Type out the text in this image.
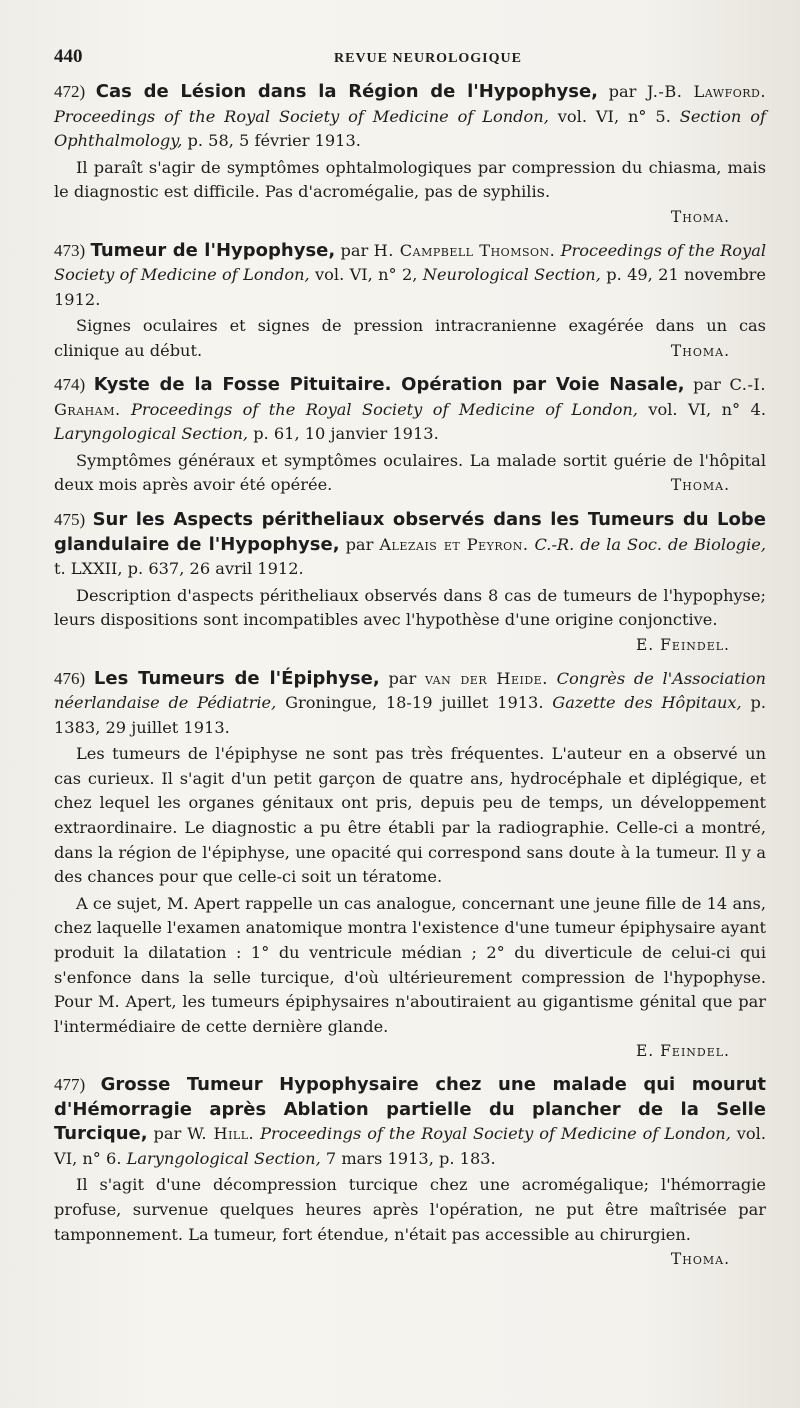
440	REVUE NEUROLOGIQUE
472) Cas de Lésion dans la Région de l'Hypophyse, par J.-B. Lawford. Proceedings of the Royal Society of Medicine of London, vol. VI, n° 5. Section of Ophthalmology, p. 58, 5 février 1913.
Il paraît s'agir de symptômes ophtalmologiques par compression du chiasma, mais le diagnostic est difficile. Pas d'acromégalie, pas de syphilis.
Thoma.
473) Tumeur de l'Hypophyse, par H. Campbell Thomson. Proceedings of the Royal Society of Medicine of London, vol. VI, n° 2, Neurological Section, p. 49, 21 novembre 1912.
Signes oculaires et signes de pression intracranienne exagérée dans un cas clinique au début.	Thoma.
474) Kyste de la Fosse Pituitaire. Opération par Voie Nasale, par C.-I. Graham. Proceedings of the Royal Society of Medicine of London, vol. VI, n° 4. Laryngological Section, p. 61, 10 janvier 1913.
Symptômes généraux et symptômes oculaires. La malade sortit guérie de l'hôpital deux mois après avoir été opérée.	Thoma.
475) Sur les Aspects péritheliaux observés dans les Tumeurs du Lobe glandulaire de l'Hypophyse, par Alezais et Peyron. C.-R. de la Soc. de Biologie, t. LXXII, p. 637, 26 avril 1912.
Description d'aspects péritheliaux observés dans 8 cas de tumeurs de l'hypophyse; leurs dispositions sont incompatibles avec l'hypothèse d'une origine conjonctive.
E. Feindel.
476) Les Tumeurs de l'Épiphyse, par van der Heide. Congrès de l'Association néerlandaise de Pédiatrie, Groningue, 18-19 juillet 1913. Gazette des Hôpitaux, p. 1383, 29 juillet 1913.
Les tumeurs de l'épiphyse ne sont pas très fréquentes. L'auteur en a observé un cas curieux. Il s'agit d'un petit garçon de quatre ans, hydrocéphale et diplégique, et chez lequel les organes génitaux ont pris, depuis peu de temps, un développement extraordinaire. Le diagnostic a pu être établi par la radiographie. Celle-ci a montré, dans la région de l'épiphyse, une opacité qui correspond sans doute à la tumeur. Il y a des chances pour que celle-ci soit un tératome.
A ce sujet, M. Apert rappelle un cas analogue, concernant une jeune fille de 14 ans, chez laquelle l'examen anatomique montra l'existence d'une tumeur épiphysaire ayant produit la dilatation : 1° du ventricule médian ; 2° du diverticule de celui-ci qui s'enfonce dans la selle turcique, d'où ultérieurement compression de l'hypophyse. Pour M. Apert, les tumeurs épiphysaires n'aboutiraient au gigantisme génital que par l'intermédiaire de cette dernière glande.
E. Feindel.
477) Grosse Tumeur Hypophysaire chez une malade qui mourut d'Hémorragie après Ablation partielle du plancher de la Selle Turcique, par W. Hill. Proceedings of the Royal Society of Medicine of London, vol. VI, n° 6. Laryngological Section, 7 mars 1913, p. 183.
Il s'agit d'une décompression turcique chez une acromégalique; l'hémorragie profuse, survenue quelques heures après l'opération, ne put être maîtrisée par tamponnement. La tumeur, fort étendue, n'était pas accessible au chirurgien.
Thoma.
